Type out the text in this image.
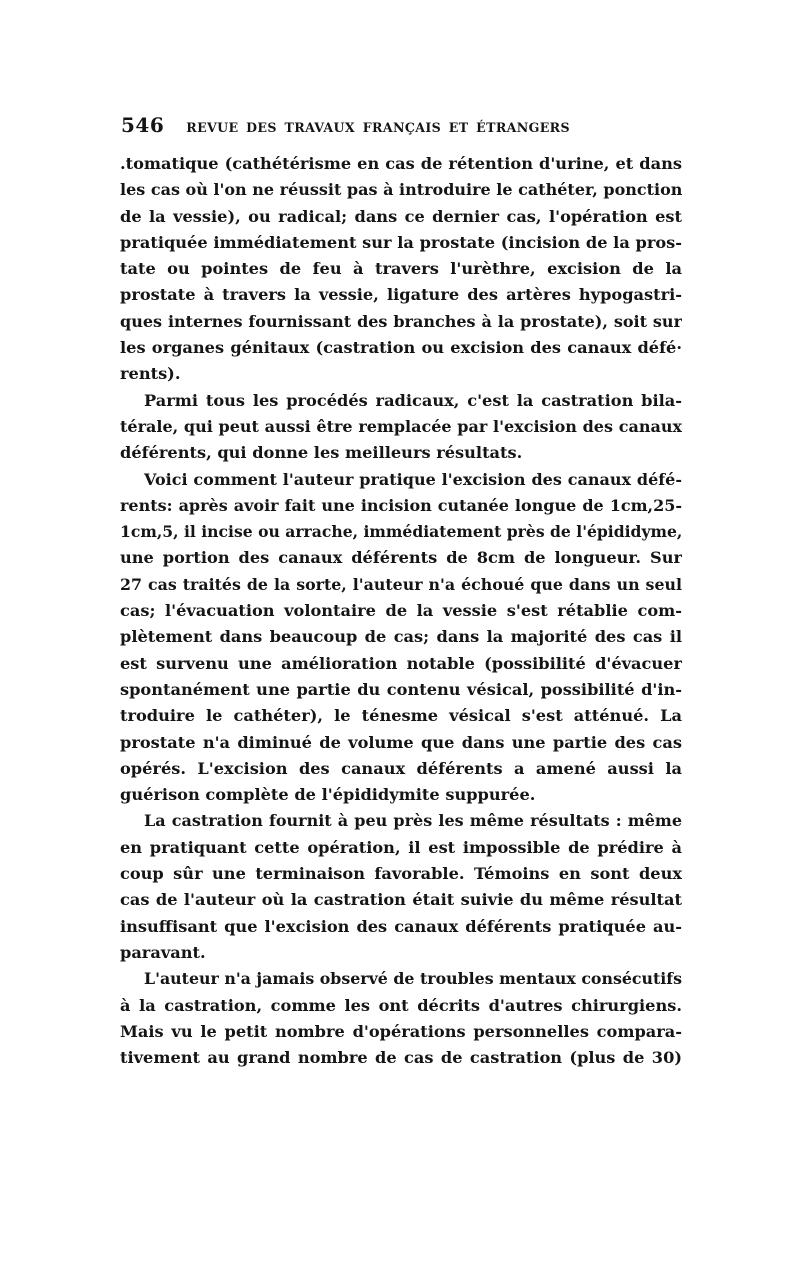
546 REVUE DES TRAVAUX FRANÇAIS ET ÉTRANGERS
.tomatique (cathétérisme en cas de rétention d'urine, et dans
les cas où l'on ne réussit pas à introduire le cathéter, ponction
de la vessie), ou radical; dans ce dernier cas, l'opération est
pratiquée immédiatement sur la prostate (incision de la pros-
tate ou pointes de feu à travers l'urèthre, excision de la
prostate à travers la vessie, ligature des artères hypogastri-
ques internes fournissant des branches à la prostate), soit sur
les organes génitaux (castration ou excision des canaux défé·
rents).
Parmi tous les procédés radicaux, c'est la castration bila-
térale, qui peut aussi être remplacée par l'excision des canaux
déférents, qui donne les meilleurs résultats.
Voici comment l'auteur pratique l'excision des canaux défé-
rents: après avoir fait une incision cutanée longue de 1cm,25-
1cm,5, il incise ou arrache, immédiatement près de l'épididyme,
une portion des canaux déférents de 8cm de longueur. Sur
27 cas traités de la sorte, l'auteur n'a échoué que dans un seul
cas; l'évacuation volontaire de la vessie s'est rétablie com-
plètement dans beaucoup de cas; dans la majorité des cas il
est survenu une amélioration notable (possibilité d'évacuer
spontanément une partie du contenu vésical, possibilité d'in-
troduire le cathéter), le ténesme vésical s'est atténué. La
prostate n'a diminué de volume que dans une partie des cas
opérés. L'excision des canaux déférents a amené aussi la
guérison complète de l'épididymite suppurée.
La castration fournit à peu près les même résultats : même
en pratiquant cette opération, il est impossible de prédire à
coup sûr une terminaison favorable. Témoins en sont deux
cas de l'auteur où la castration était suivie du même résultat
insuffisant que l'excision des canaux déférents pratiquée au-
paravant.
L'auteur n'a jamais observé de troubles mentaux consécutifs
à la castration, comme les ont décrits d'autres chirurgiens.
Mais vu le petit nombre d'opérations personnelles compara-
tivement au grand nombre de cas de castration (plus de 30)
